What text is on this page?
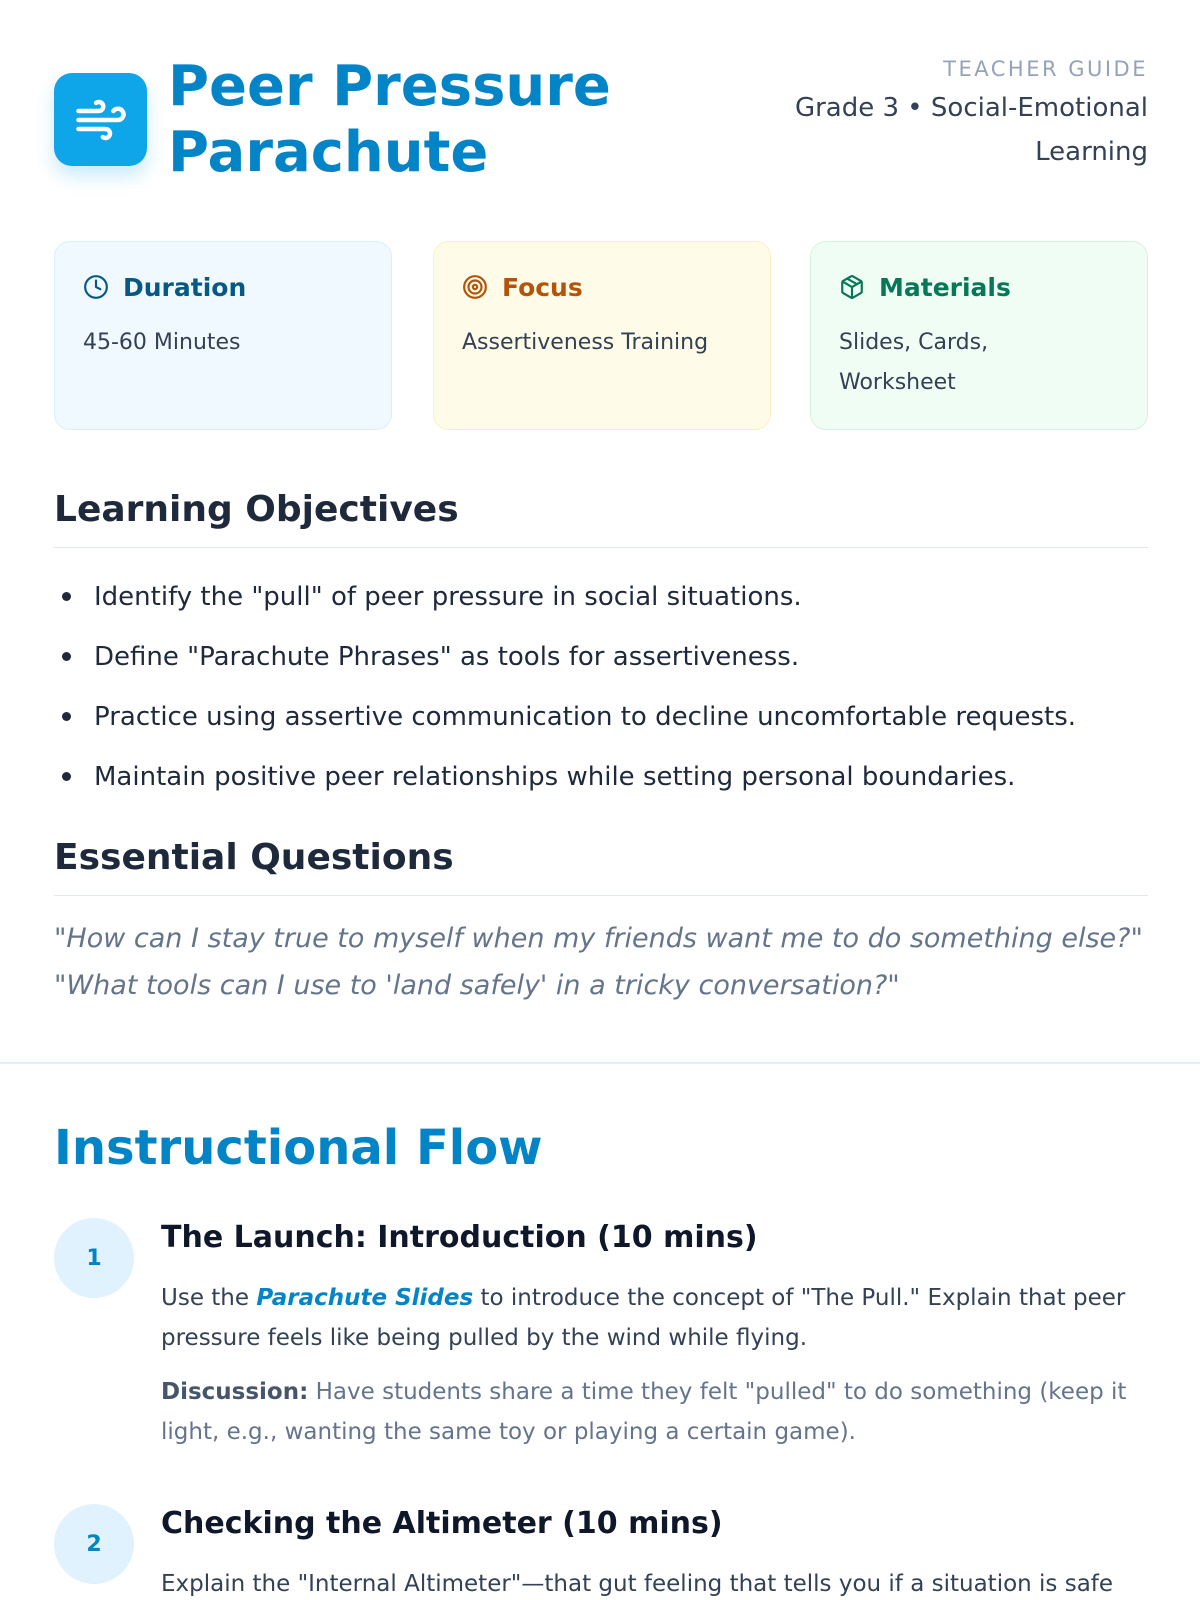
Peer Pressure
Parachute
TEACHER GUIDE
Grade 3 • Social-Emotional
Learning
Duration
45-60 Minutes
Focus
Assertiveness Training
Materials
Slides, Cards,
Worksheet
Learning Objectives
Identify the "pull" of peer pressure in social situations.
Define "Parachute Phrases" as tools for assertiveness.
Practice using assertive communication to decline uncomfortable requests.
Maintain positive peer relationships while setting personal boundaries.
Essential Questions
"How can I stay true to myself when my friends want me to do something else?"
"What tools can I use to 'land safely' in a tricky conversation?"
Instructional Flow
1
The Launch: Introduction (10 mins)
Use the Parachute Slides to introduce the concept of "The Pull." Explain that peer
pressure feels like being pulled by the wind while flying.
Discussion: Have students share a time they felt "pulled" to do something (keep it
light, e.g., wanting the same toy or playing a certain game).
2
Checking the Altimeter (10 mins)
Explain the "Internal Altimeter"—that gut feeling that tells you if a situation is safe
